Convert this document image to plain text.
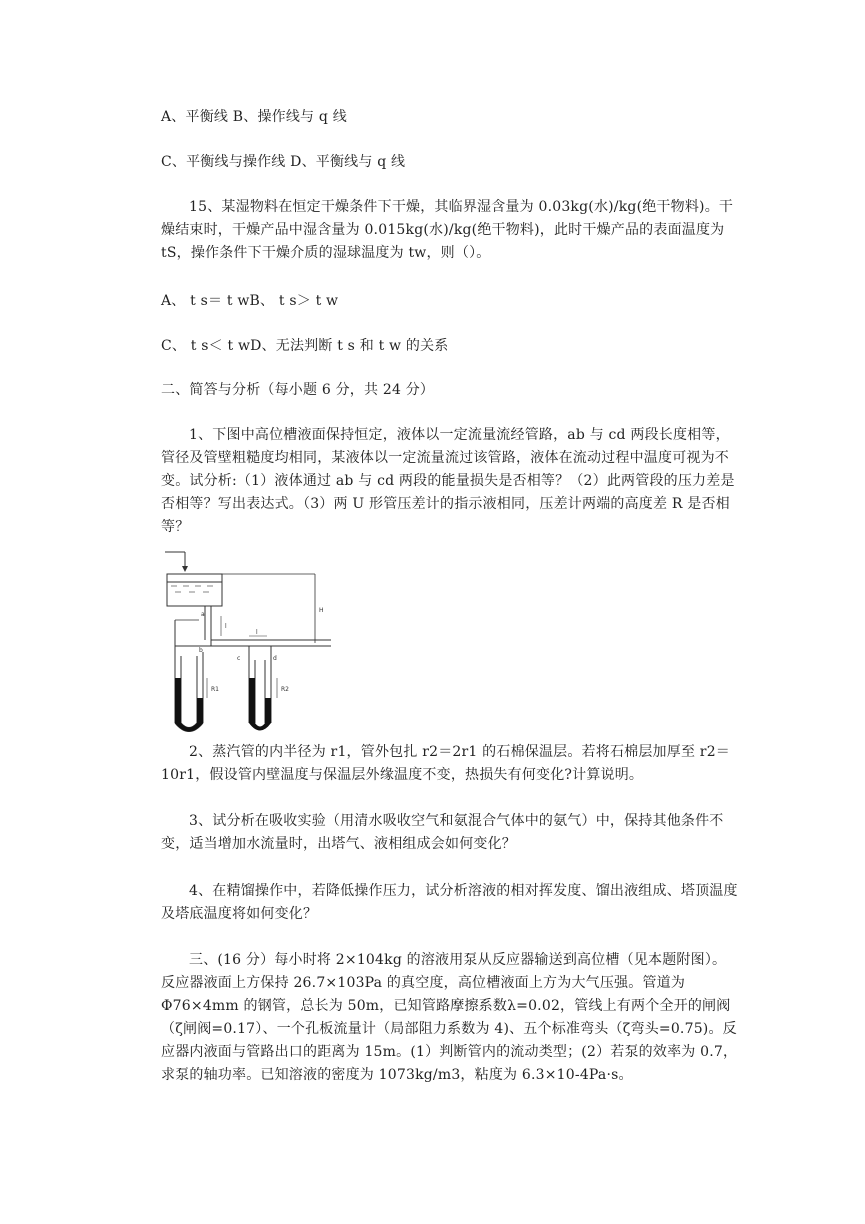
A、平衡线 B、操作线与 q 线

C、平衡线与操作线 D、平衡线与 q 线

15、某湿物料在恒定干燥条件下干燥，其临界湿含量为 0.03kg(水)/kg(绝干物料)。干燥结束时，干燥产品中湿含量为 0.015kg(水)/kg(绝干物料)，此时干燥产品的表面温度为 tS，操作条件下干燥介质的湿球温度为 tw，则（）。

A、 t s＝ t wB、 t s＞ t w

C、 t s＜ t wD、无法判断 t s 和 t w 的关系

二、简答与分析（每小题 6 分，共 24 分）

1、下图中高位槽液面保持恒定，液体以一定流量流经管路，ab 与 cd 两段长度相等，管径及管壁粗糙度均相同，某液体以一定流量流过该管路，液体在流动过程中温度可视为不变。试分析:（1）液体通过 ab 与 cd 两段的能量损失是否相等？（2）此两管段的压力差是否相等？写出表达式。（3）两 U 形管压差计的指示液相同，压差计两端的高度差 R 是否相等？

H
l
a
b
R1
l
c	d
R2

2、蒸汽管的内半径为 r1，管外包扎 r2＝2r1 的石棉保温层。若将石棉层加厚至 r2＝10r1，假设管内壁温度与保温层外缘温度不变，热损失有何变化?计算说明。

3、试分析在吸收实验（用清水吸收空气和氨混合气体中的氨气）中，保持其他条件不变，适当增加水流量时，出塔气、液相组成会如何变化？

4、在精馏操作中，若降低操作压力，试分析溶液的相对挥发度、馏出液组成、塔顶温度及塔底温度将如何变化？

三、(16 分）每小时将 2×104kg 的溶液用泵从反应器输送到高位槽（见本题附图）。反应器液面上方保持 26.7×103Pa 的真空度，高位槽液面上方为大气压强。管道为Φ76×4mm 的钢管，总长为 50m，已知管路摩擦系数λ=0.02，管线上有两个全开的闸阀（ζ闸阀=0.17）、一个孔板流量计（局部阻力系数为 4)、五个标准弯头（ζ弯头=0.75)。反应器内液面与管路出口的距离为 15m。(1）判断管内的流动类型；(2）若泵的效率为 0.7，求泵的轴功率。已知溶液的密度为 1073kg/m3，粘度为 6.3×10-4Pa·s。
